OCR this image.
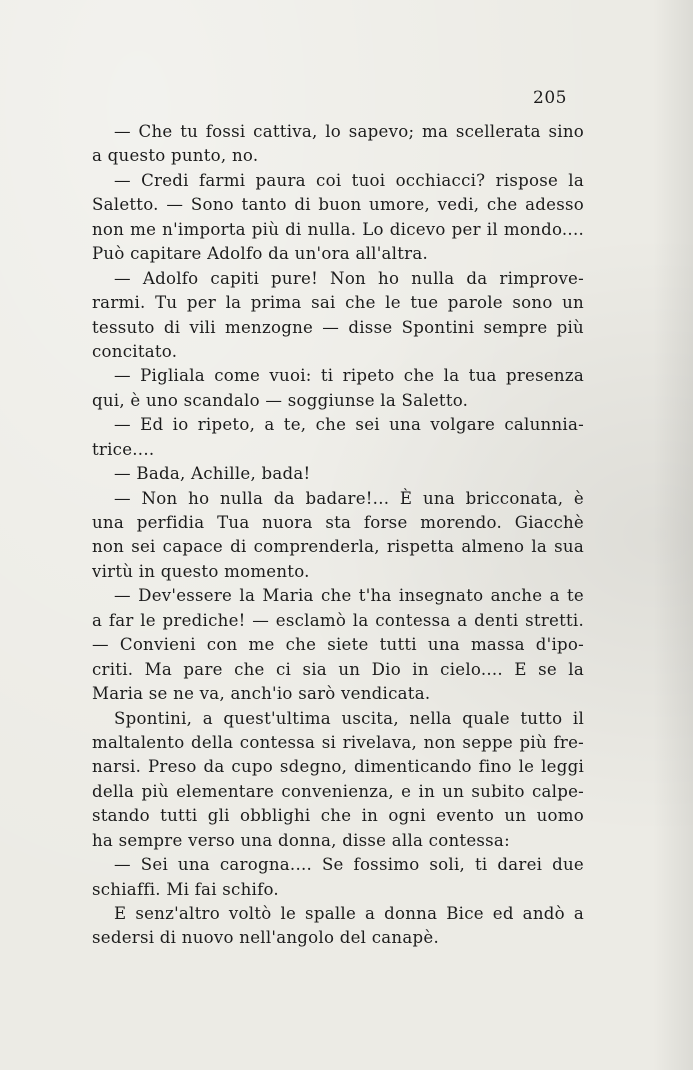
205
— Che tu fossi cattiva, lo sapevo; ma scellerata sino
a questo punto, no.
— Credi farmi paura coi tuoi occhiacci? rispose la
Saletto. — Sono tanto di buon umore, vedi, che adesso
non me n'importa più di nulla. Lo dicevo per il mondo....
Può capitare Adolfo da un'ora all'altra.
— Adolfo capiti pure! Non ho nulla da rimprove-
rarmi. Tu per la prima sai che le tue parole sono un
tessuto di vili menzogne — disse Spontini sempre più
concitato.
— Pigliala come vuoi: ti ripeto che la tua presenza
qui, è uno scandalo — soggiunse la Saletto.
— Ed io ripeto, a te, che sei una volgare calunnia-
trice....
— Bada, Achille, bada!
— Non ho nulla da badare!... È una bricconata, è
una perfidia Tua nuora sta forse morendo. Giacchè
non sei capace di comprenderla, rispetta almeno la sua
virtù in questo momento.
— Dev'essere la Maria che t'ha insegnato anche a te
a far le prediche! — esclamò la contessa a denti stretti.
— Convieni con me che siete tutti una massa d'ipo-
criti. Ma pare che ci sia un Dio in cielo.... E se la
Maria se ne va, anch'io sarò vendicata.
Spontini, a quest'ultima uscita, nella quale tutto il
maltalento della contessa si rivelava, non seppe più fre-
narsi. Preso da cupo sdegno, dimenticando fino le leggi
della più elementare convenienza, e in un subito calpe-
stando tutti gli obblighi che in ogni evento un uomo
ha sempre verso una donna, disse alla contessa:
— Sei una carogna.... Se fossimo soli, ti darei due
schiaffi. Mi fai schifo.
E senz'altro voltò le spalle a donna Bice ed andò a
sedersi di nuovo nell'angolo del canapè.
